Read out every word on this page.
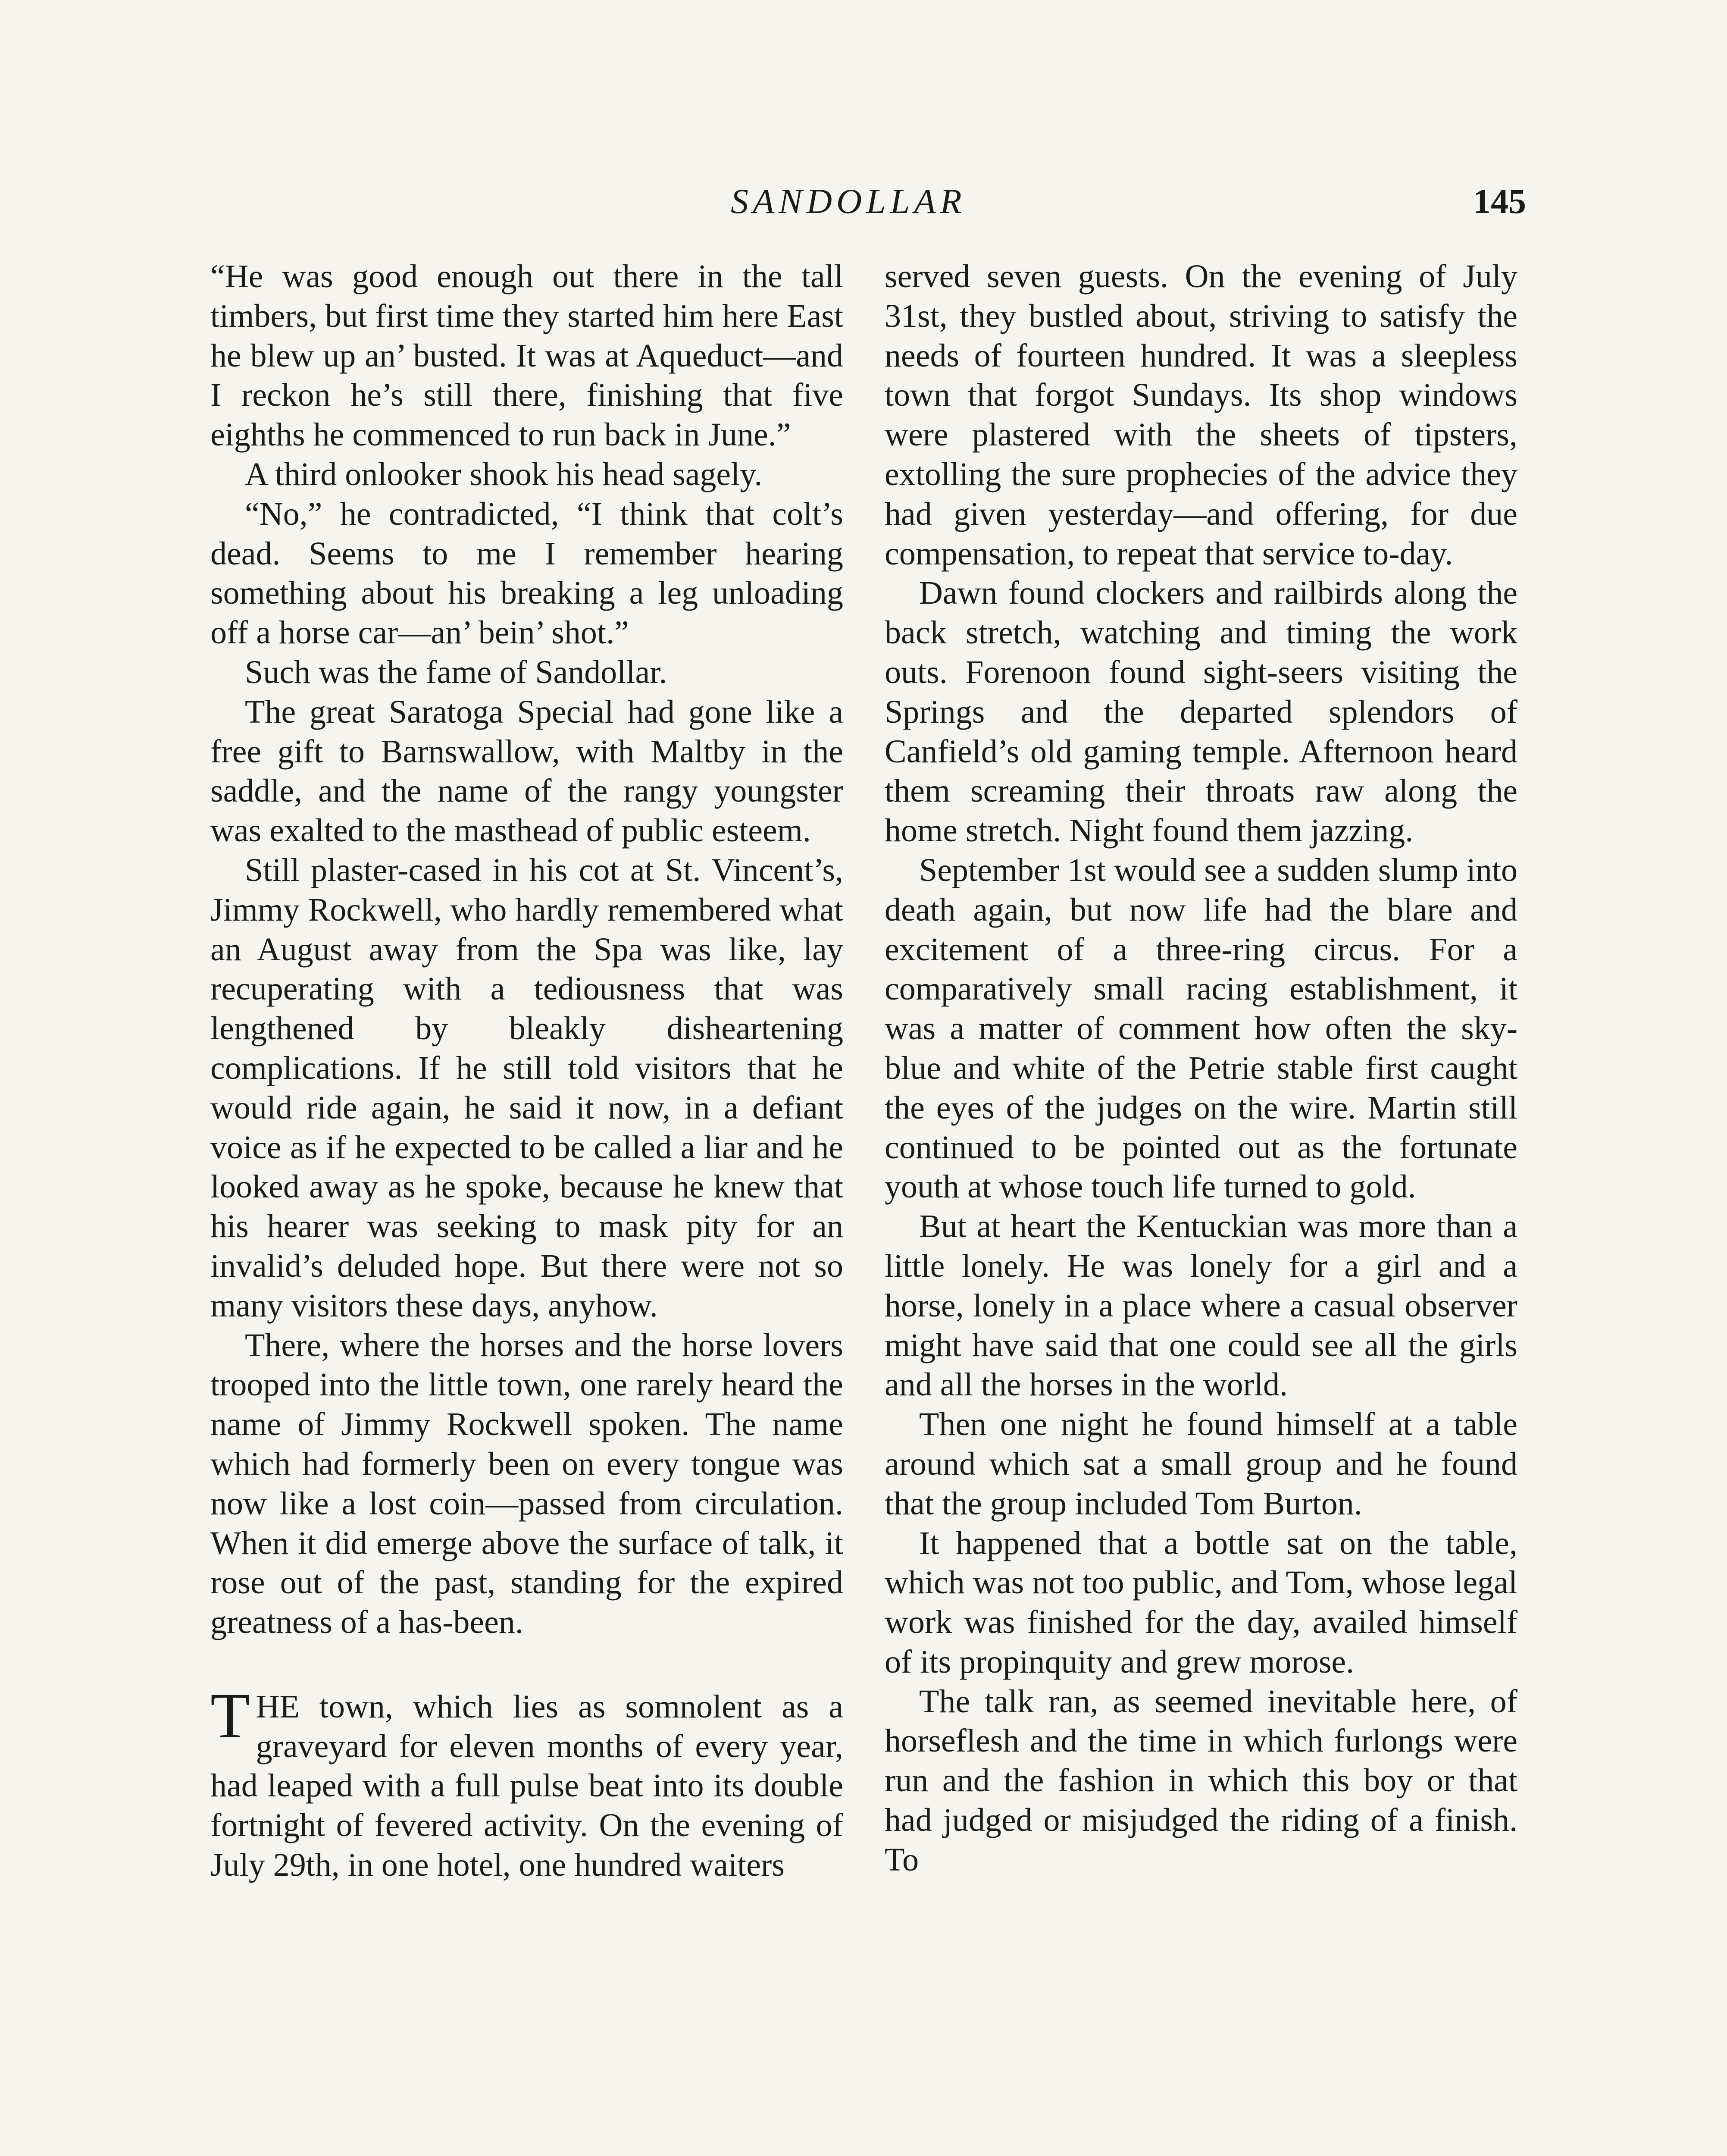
SANDOLLAR	145

“He was good enough out there in the tall timbers, but first time they started him here East he blew up an’ busted. It was at Aqueduct—and I reckon he’s still there, finishing that five eighths he commenced to run back in June.”

A third onlooker shook his head sagely.

“No,” he contradicted, “I think that colt’s dead. Seems to me I remember hearing something about his breaking a leg unloading off a horse car—an’ bein’ shot.”

Such was the fame of Sandollar.

The great Saratoga Special had gone like a free gift to Barnswallow, with Maltby in the saddle, and the name of the rangy youngster was exalted to the masthead of public esteem.

Still plaster-cased in his cot at St. Vincent’s, Jimmy Rockwell, who hardly remembered what an August away from the Spa was like, lay recuperating with a tediousness that was lengthened by bleakly disheartening complications. If he still told visitors that he would ride again, he said it now, in a defiant voice as if he expected to be called a liar and he looked away as he spoke, because he knew that his hearer was seeking to mask pity for an invalid’s deluded hope. But there were not so many visitors these days, anyhow.

There, where the horses and the horse lovers trooped into the little town, one rarely heard the name of Jimmy Rockwell spoken. The name which had formerly been on every tongue was now like a lost coin—passed from circulation. When it did emerge above the surface of talk, it rose out of the past, standing for the expired greatness of a has-been.

THE town, which lies as somnolent as a graveyard for eleven months of every year, had leaped with a full pulse beat into its double fortnight of fevered activity. On the evening of July 29th, in one hotel, one hundred waiters

served seven guests. On the evening of July 31st, they bustled about, striving to satisfy the needs of fourteen hundred. It was a sleepless town that forgot Sundays. Its shop windows were plastered with the sheets of tipsters, extolling the sure prophecies of the advice they had given yesterday—and offering, for due compensation, to repeat that service to-day.

Dawn found clockers and railbirds along the back stretch, watching and timing the work outs. Forenoon found sight-seers visiting the Springs and the departed splendors of Canfield’s old gaming temple. Afternoon heard them screaming their throats raw along the home stretch. Night found them jazzing.

September 1st would see a sudden slump into death again, but now life had the blare and excitement of a three-ring circus. For a comparatively small racing establishment, it was a matter of comment how often the sky-blue and white of the Petrie stable first caught the eyes of the judges on the wire. Martin still continued to be pointed out as the fortunate youth at whose touch life turned to gold.

But at heart the Kentuckian was more than a little lonely. He was lonely for a girl and a horse, lonely in a place where a casual observer might have said that one could see all the girls and all the horses in the world.

Then one night he found himself at a table around which sat a small group and he found that the group included Tom Burton.

It happened that a bottle sat on the table, which was not too public, and Tom, whose legal work was finished for the day, availed himself of its propinquity and grew morose.

The talk ran, as seemed inevitable here, of horseflesh and the time in which furlongs were run and the fashion in which this boy or that had judged or misjudged the riding of a finish. To
